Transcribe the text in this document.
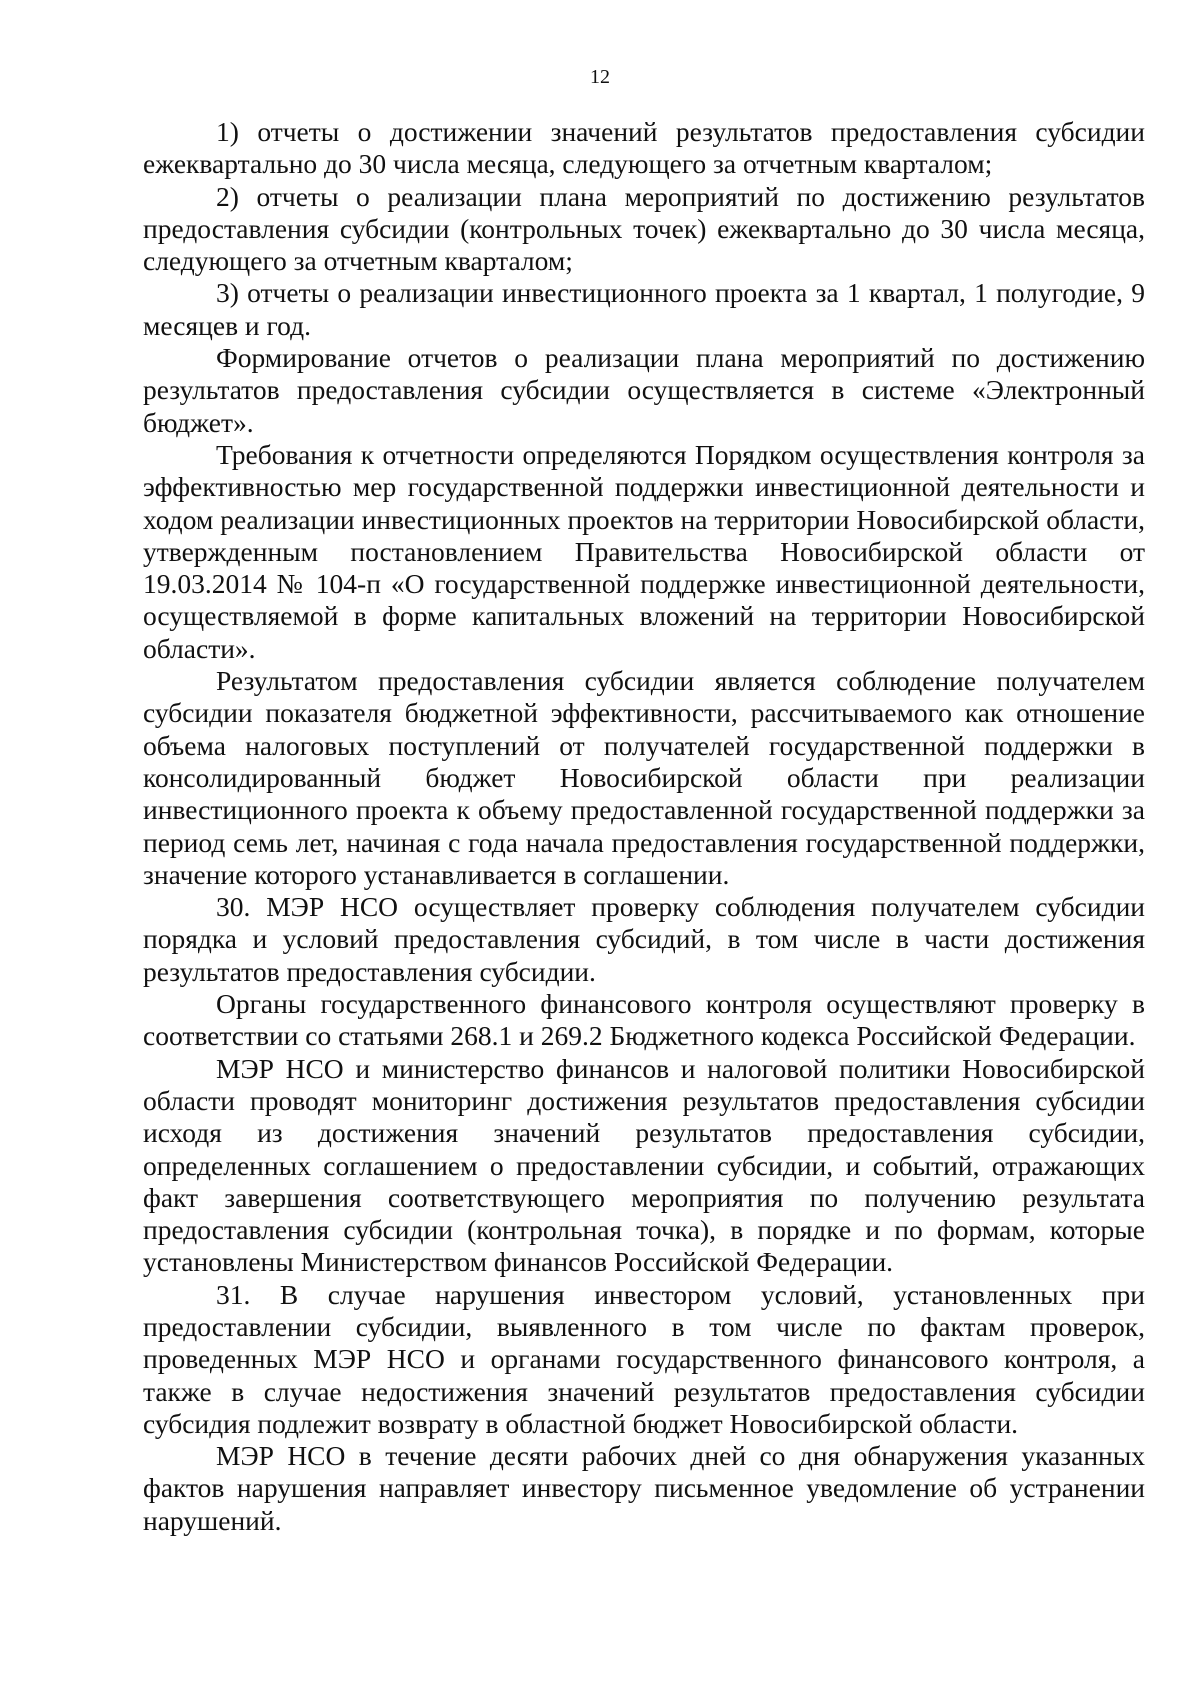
12

1) отчеты о достижении значений результатов предоставления субсидии ежеквартально до 30 числа месяца, следующего за отчетным кварталом;

2) отчеты о реализации плана мероприятий по достижению результатов предоставления субсидии (контрольных точек) ежеквартально до 30 числа месяца, следующего за отчетным кварталом;

3) отчеты о реализации инвестиционного проекта за 1 квартал, 1 полугодие, 9 месяцев и год.

Формирование отчетов о реализации плана мероприятий по достижению результатов предоставления субсидии осуществляется в системе «Электронный бюджет».

Требования к отчетности определяются Порядком осуществления контроля за эффективностью мер государственной поддержки инвестиционной деятельности и ходом реализации инвестиционных проектов на территории Новосибирской области, утвержденным постановлением Правительства Новосибирской области от 19.03.2014 № 104-п «О государственной поддержке инвестиционной деятельности, осуществляемой в форме капитальных вложений на территории Новосибирской области».

Результатом предоставления субсидии является соблюдение получателем субсидии показателя бюджетной эффективности, рассчитываемого как отношение объема налоговых поступлений от получателей государственной поддержки в консолидированный бюджет Новосибирской области при реализации инвестиционного проекта к объему предоставленной государственной поддержки за период семь лет, начиная с года начала предоставления государственной поддержки, значение которого устанавливается в соглашении.

30. МЭР НСО осуществляет проверку соблюдения получателем субсидии порядка и условий предоставления субсидий, в том числе в части достижения результатов предоставления субсидии.

Органы государственного финансового контроля осуществляют проверку в соответствии со статьями 268.1 и 269.2 Бюджетного кодекса Российской Федерации.

МЭР НСО и министерство финансов и налоговой политики Новосибирской области проводят мониторинг достижения результатов предоставления субсидии исходя из достижения значений результатов предоставления субсидии, определенных соглашением о предоставлении субсидии, и событий, отражающих факт завершения соответствующего мероприятия по получению результата предоставления субсидии (контрольная точка), в порядке и по формам, которые установлены Министерством финансов Российской Федерации.

31. В случае нарушения инвестором условий, установленных при предоставлении субсидии, выявленного в том числе по фактам проверок, проведенных МЭР НСО и органами государственного финансового контроля, а также в случае недостижения значений результатов предоставления субсидии субсидия подлежит возврату в областной бюджет Новосибирской области.

МЭР НСО в течение десяти рабочих дней со дня обнаружения указанных фактов нарушения направляет инвестору письменное уведомление об устранении нарушений.
